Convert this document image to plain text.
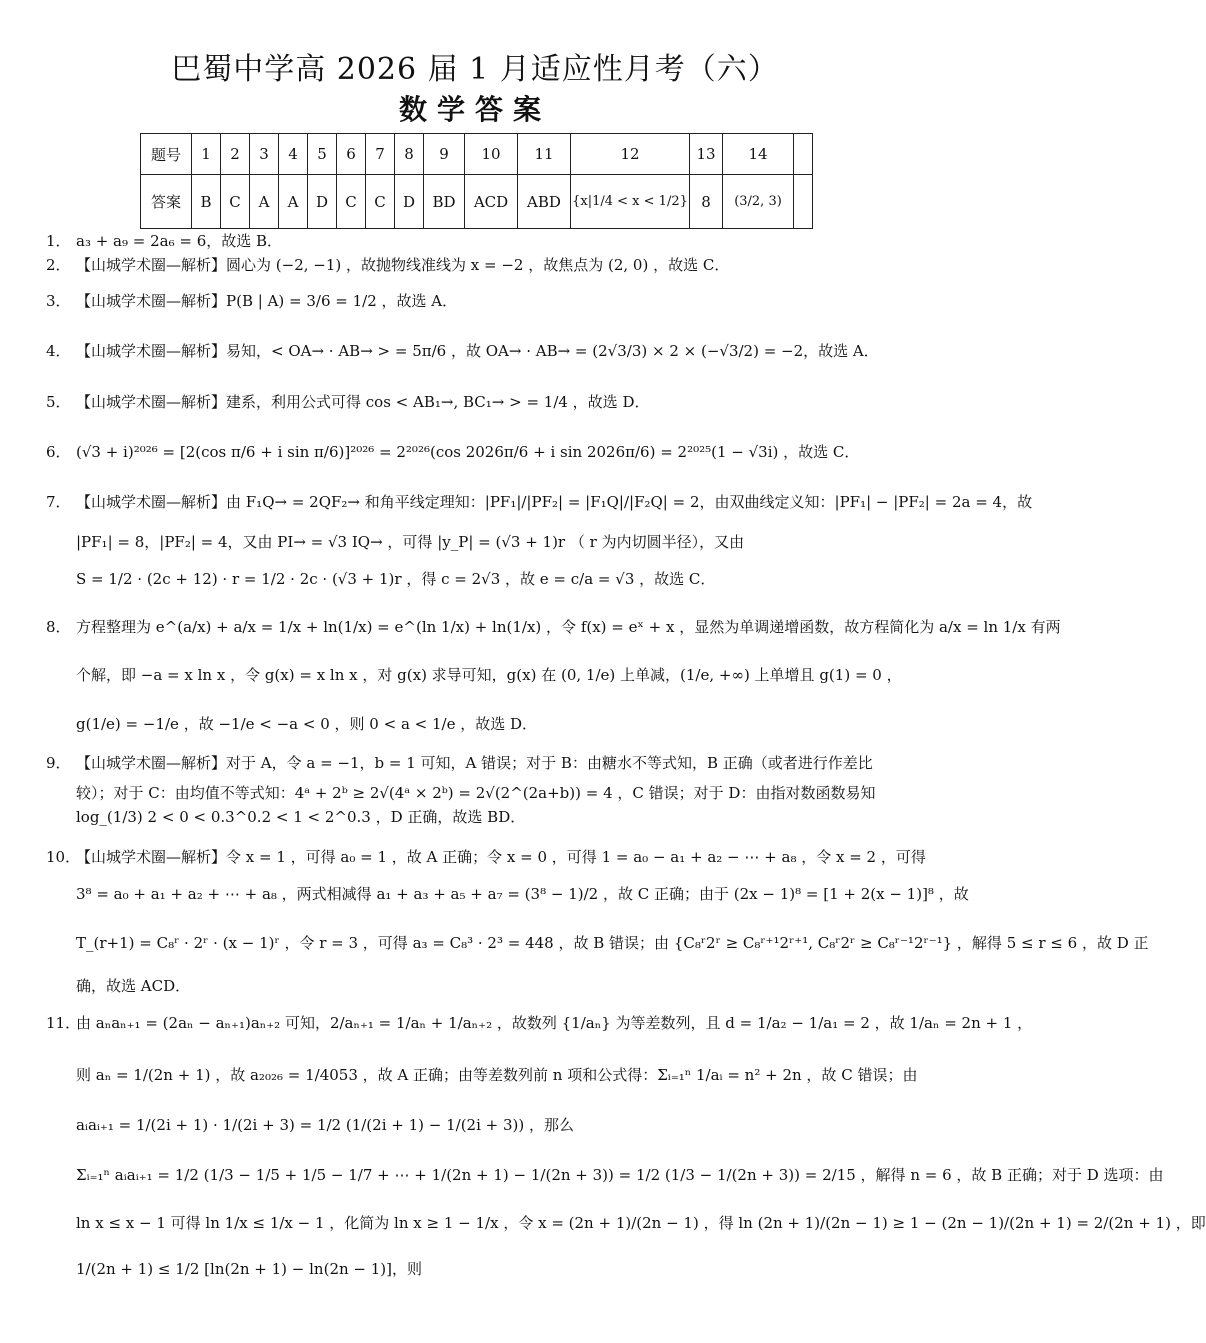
巴蜀中学高 2026 届 1 月适应性月考（六）
数学答案
题号	1	2	3	4	5	6	7	8	9	10	11	12	13	14	
答案	B	C	A	A	D	C	C	D	BD	ACD	ABD	{x|1/4 < x < 1/2}	8	(3/2, 3)	
1． a₃ + a₉ = 2a₆ = 6，故选 B．
2． 【山城学术圈—解析】圆心为 (−2, −1) ，故抛物线准线为 x = −2 ，故焦点为 (2, 0) ，故选 C．
3． 【山城学术圈—解析】P(B | A) = 3/6 = 1/2 ，故选 A．
4． 【山城学术圈—解析】易知，< OA→ · AB→ > = 5π/6 ，故 OA→ · AB→ = (2√3/3) × 2 × (−√3/2) = −2，故选 A．
5． 【山城学术圈—解析】建系，利用公式可得 cos < AB₁→, BC₁→ > = 1/4 ，故选 D．
6． (√3 + i)²⁰²⁶ = [2(cos π/6 + i sin π/6)]²⁰²⁶ = 2²⁰²⁶(cos 2026π/6 + i sin 2026π/6) = 2²⁰²⁵(1 − √3i) ，故选 C．
7． 【山城学术圈—解析】由 F₁Q→ = 2QF₂→ 和角平线定理知：|PF₁|/|PF₂| = |F₁Q|/|F₂Q| = 2，由双曲线定义知：|PF₁| − |PF₂| = 2a = 4，故
|PF₁| = 8，|PF₂| = 4，又由 PI→ = √3 IQ→ ，可得 |y_P| = (√3 + 1)r （ r 为内切圆半径），又由
S = 1/2 · (2c + 12) · r = 1/2 · 2c · (√3 + 1)r ，得 c = 2√3 ，故 e = c/a = √3 ，故选 C．
8． 方程整理为 e^(a/x) + a/x = 1/x + ln(1/x) = e^(ln 1/x) + ln(1/x) ，令 f(x) = eˣ + x ，显然为单调递增函数，故方程简化为 a/x = ln 1/x 有两
个解，即 −a = x ln x ，令 g(x) = x ln x ，对 g(x) 求导可知，g(x) 在 (0, 1/e) 上单减，(1/e, +∞) 上单增且 g(1) = 0 ，
g(1/e) = −1/e ，故 −1/e < −a < 0 ，则 0 < a < 1/e ，故选 D．
9． 【山城学术圈—解析】对于 A，令 a = −1，b = 1 可知，A 错误；对于 B：由糖水不等式知，B 正确（或者进行作差比
较）；对于 C：由均值不等式知：4ᵃ + 2ᵇ ≥ 2√(4ᵃ × 2ᵇ) = 2√(2^(2a+b)) = 4 ，C 错误；对于 D：由指对数函数易知
log_(1/3) 2 < 0 < 0.3^0.2 < 1 < 2^0.3 ，D 正确，故选 BD．
10．【山城学术圈—解析】令 x = 1 ，可得 a₀ = 1 ，故 A 正确；令 x = 0 ，可得 1 = a₀ − a₁ + a₂ − ⋯ + a₈ ，令 x = 2 ，可得
3⁸ = a₀ + a₁ + a₂ + ⋯ + a₈ ，两式相减得 a₁ + a₃ + a₅ + a₇ = (3⁸ − 1)/2 ，故 C 正确；由于 (2x − 1)⁸ = [1 + 2(x − 1)]⁸ ，故
T_(r+1) = C₈ʳ · 2ʳ · (x − 1)ʳ ，令 r = 3 ，可得 a₃ = C₈³ · 2³ = 448 ，故 B 错误；由 {C₈ʳ2ʳ ≥ C₈ʳ⁺¹2ʳ⁺¹, C₈ʳ2ʳ ≥ C₈ʳ⁻¹2ʳ⁻¹} ，解得 5 ≤ r ≤ 6 ，故 D 正
确，故选 ACD．
11．由 aₙaₙ₊₁ = (2aₙ − aₙ₊₁)aₙ₊₂ 可知，2/aₙ₊₁ = 1/aₙ + 1/aₙ₊₂ ，故数列 {1/aₙ} 为等差数列，且 d = 1/a₂ − 1/a₁ = 2 ，故 1/aₙ = 2n + 1 ，
则 aₙ = 1/(2n + 1) ，故 a₂₀₂₆ = 1/4053 ，故 A 正确；由等差数列前 n 项和公式得：Σᵢ₌₁ⁿ 1/aᵢ = n² + 2n ，故 C 错误；由
aᵢaᵢ₊₁ = 1/(2i + 1) · 1/(2i + 3) = 1/2 (1/(2i + 1) − 1/(2i + 3)) ，那么
Σᵢ₌₁ⁿ aᵢaᵢ₊₁ = 1/2 (1/3 − 1/5 + 1/5 − 1/7 + ⋯ + 1/(2n + 1) − 1/(2n + 3)) = 1/2 (1/3 − 1/(2n + 3)) = 2/15 ，解得 n = 6 ，故 B 正确；对于 D 选项：由
ln x ≤ x − 1 可得 ln 1/x ≤ 1/x − 1 ，化简为 ln x ≥ 1 − 1/x ，令 x = (2n + 1)/(2n − 1) ，得 ln (2n + 1)/(2n − 1) ≥ 1 − (2n − 1)/(2n + 1) = 2/(2n + 1) ，即
1/(2n + 1) ≤ 1/2 [ln(2n + 1) − ln(2n − 1)]，则
